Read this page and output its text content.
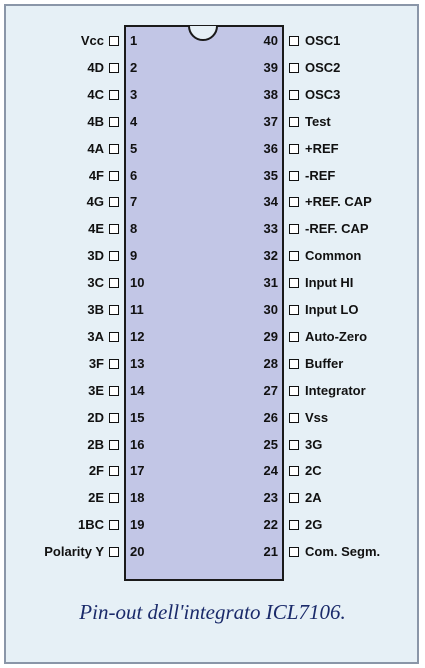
Vcc 1
4D 2
4C 3
4B 4
4A 5
4F 6
4G 7
4E 8
3D 9
3C 10
3B 11
3A 12
3F 13
3E 14
2D 15
2B 16
2F 17
2E 18
1BC 19
Polarity Y 20
40 OSC1
39 OSC2
38 OSC3
37 Test
36 +REF
35 -REF
34 +REF. CAP
33 -REF. CAP
32 Common
31 Input HI
30 Input LO
29 Auto-Zero
28 Buffer
27 Integrator
26 Vss
25 3G
24 2C
23 2A
22 2G
21 Com. Segm.
Pin-out dell'integrato ICL7106.
